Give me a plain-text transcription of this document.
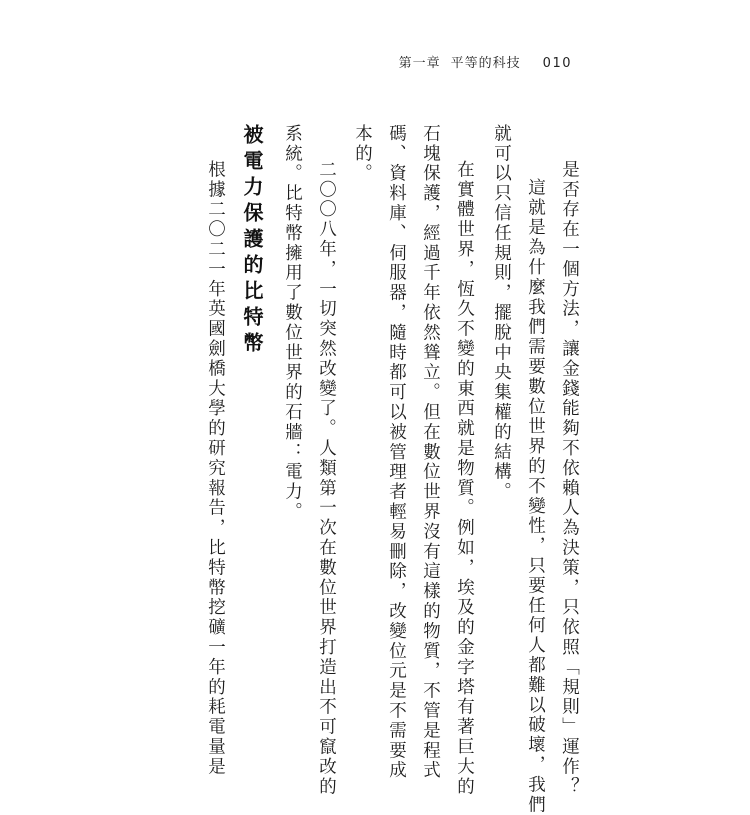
第一章 平等的科技 010
是否存在一個方法，讓金錢能夠不依賴人為決策，只依照「規則」運作？
這就是為什麼我們需要數位世界的不變性，只要任何人都難以破壞，我們
就可以只信任規則，擺脫中央集權的結構。
在實體世界，恆久不變的東西就是物質。例如，埃及的金字塔有著巨大的
石塊保護，經過千年依然聳立。但在數位世界沒有這樣的物質，不管是程式
碼、資料庫、伺服器，隨時都可以被管理者輕易刪除，改變位元是不需要成
本的。
二〇〇八年，一切突然改變了。人類第一次在數位世界打造出不可竄改的
系統。比特幣擁用了數位世界的石牆：電力。
被電力保護的比特幣
根據二〇二一年英國劍橋大學的研究報告，比特幣挖礦一年的耗電量是
